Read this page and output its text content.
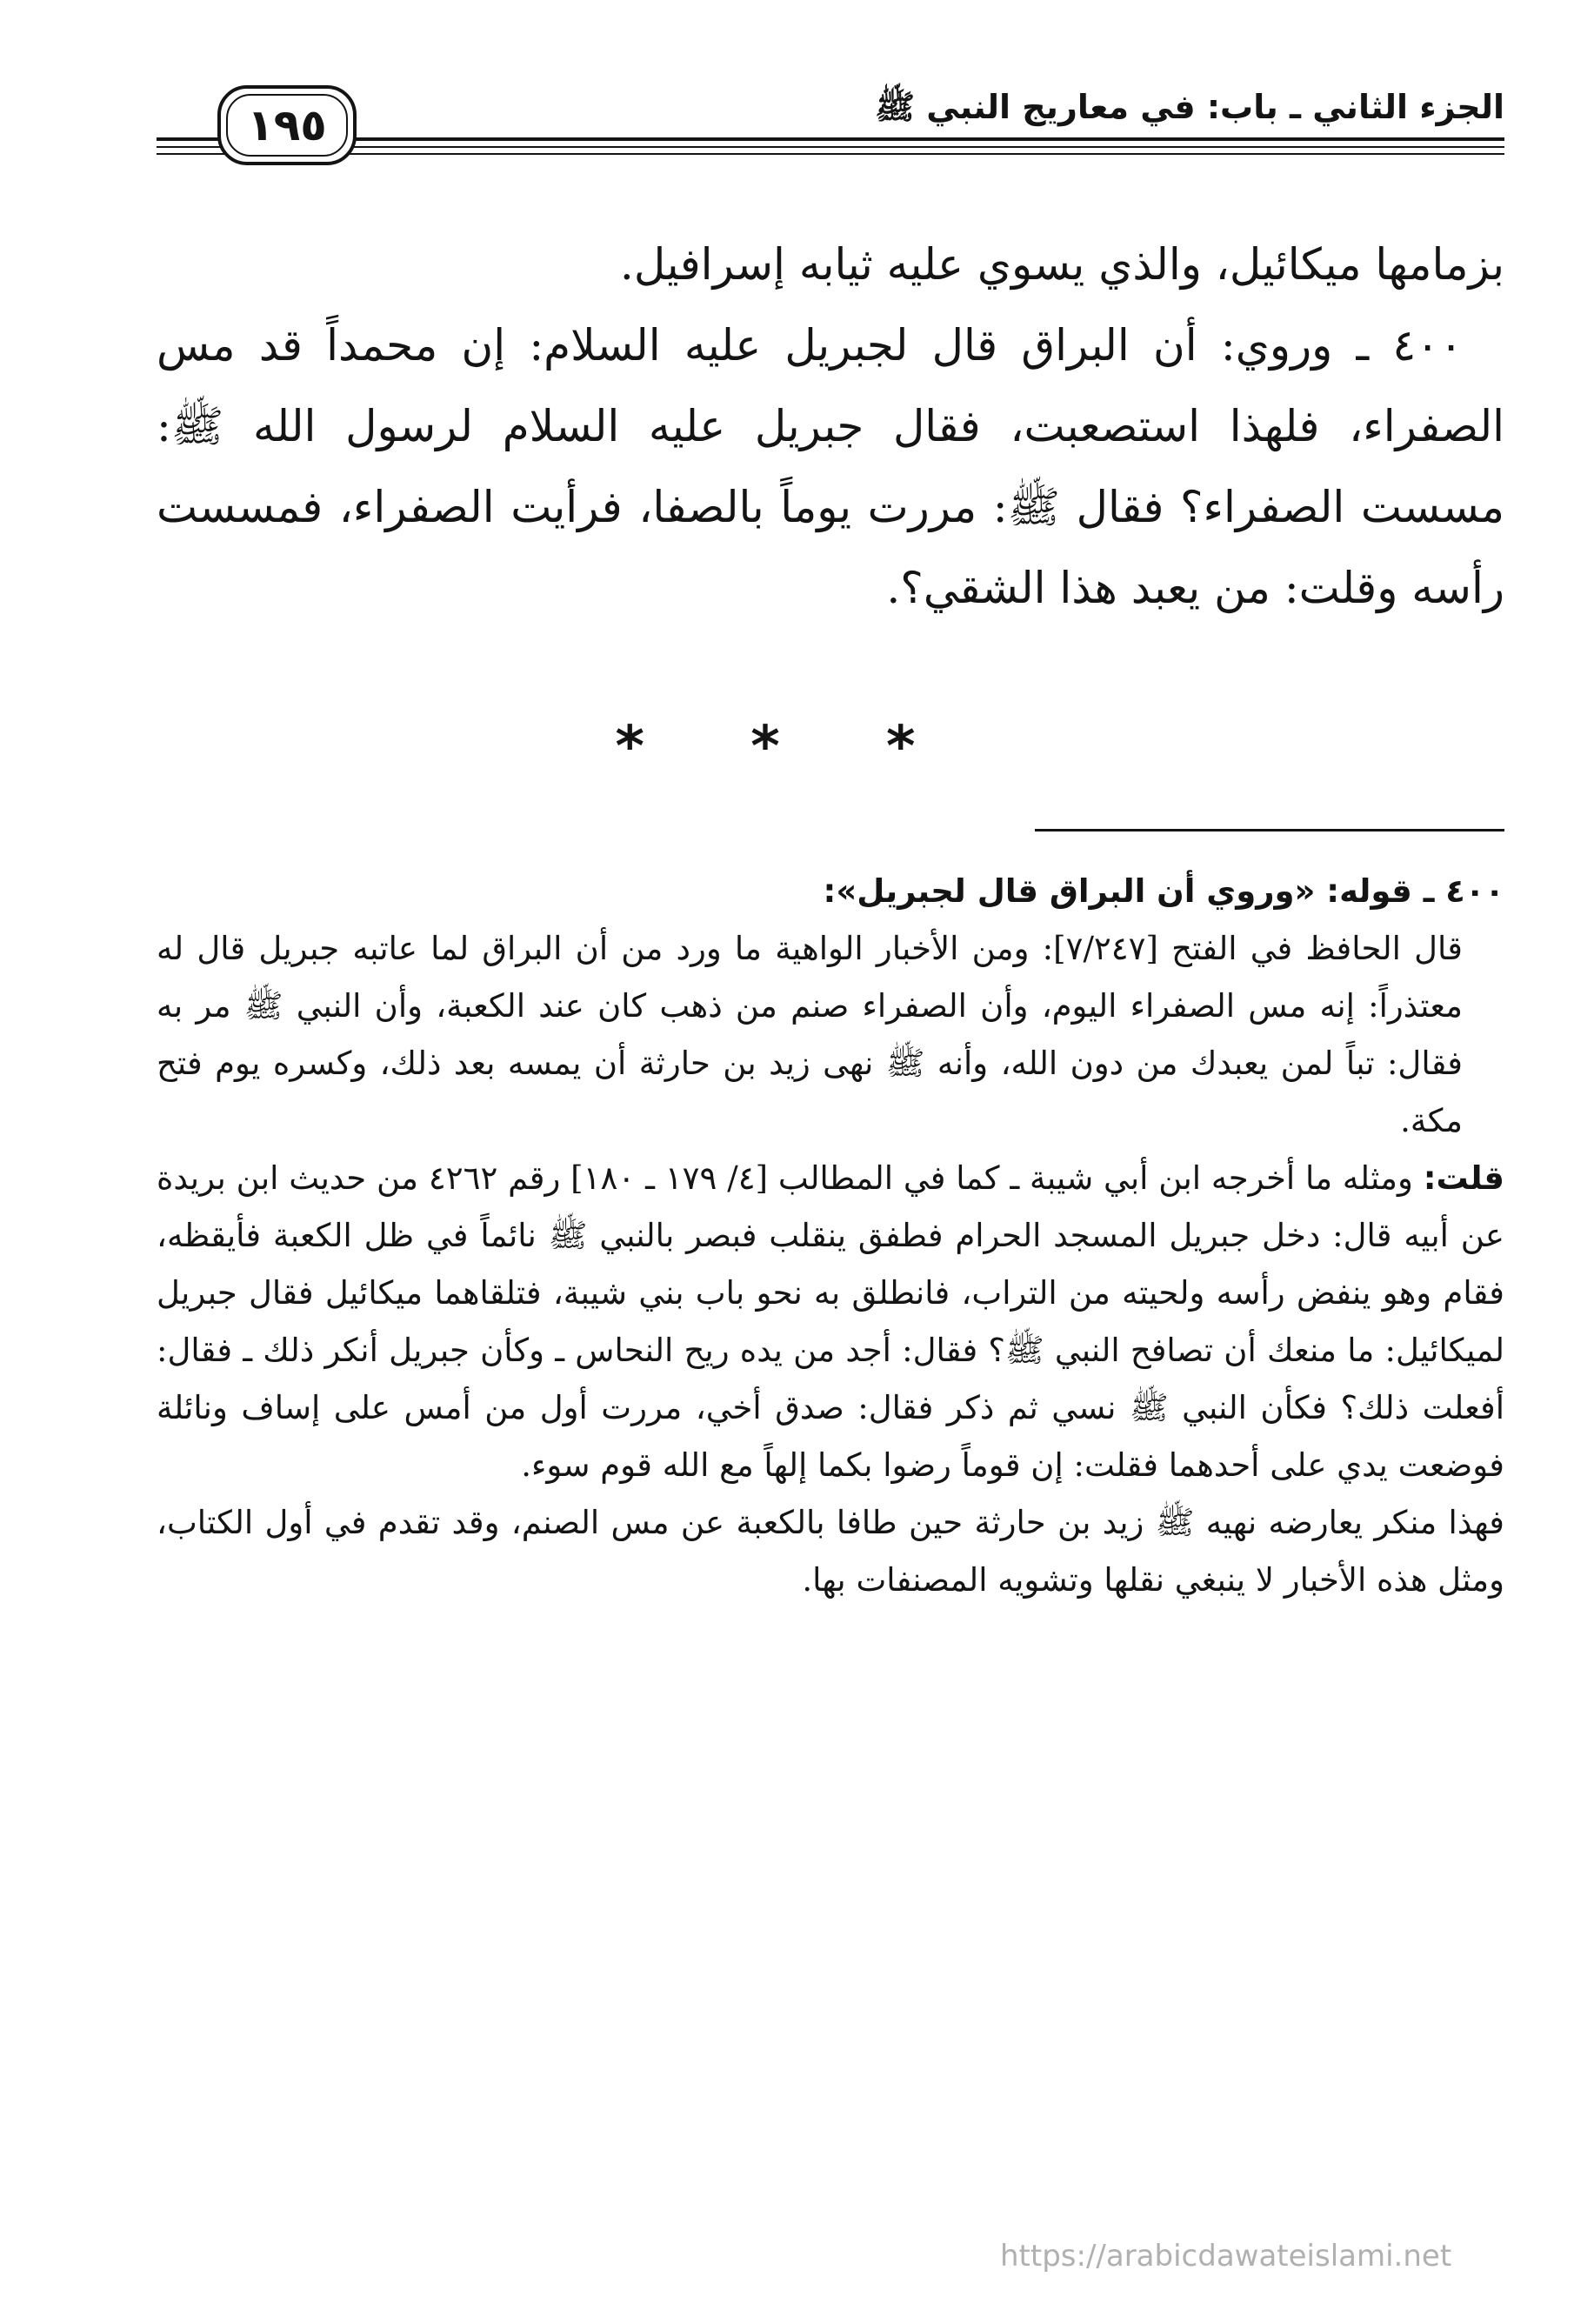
الجزء الثاني ـ باب: في معاريج النبي ﷺ
١٩٥

بزمامها ميكائيل، والذي يسوي عليه ثيابه إسرافيل.

٤٠٠ ـ وروي: أن البراق قال لجبريل عليه السلام: إن محمداً قد مس الصفراء، فلهذا استصعبت، فقال جبريل عليه السلام لرسول الله ﷺ: مسست الصفراء؟ فقال ﷺ: مررت يوماً بالصفا، فرأيت الصفراء، فمسست رأسه وقلت: من يعبد هذا الشقي؟.

* * *

٤٠٠ ـ قوله: «وروي أن البراق قال لجبريل»:

قال الحافظ في الفتح [٧/٢٤٧]: ومن الأخبار الواهية ما ورد من أن البراق لما عاتبه جبريل قال له معتذراً: إنه مس الصفراء اليوم، وأن الصفراء صنم من ذهب كان عند الكعبة، وأن النبي ﷺ مر به فقال: تباً لمن يعبدك من دون الله، وأنه ﷺ نهى زيد بن حارثة أن يمسه بعد ذلك، وكسره يوم فتح مكة.

قلت: ومثله ما أخرجه ابن أبي شيبة ـ كما في المطالب [٤/ ١٧٩ ـ ١٨٠] رقم ٤٢٦٢ من حديث ابن بريدة عن أبيه قال: دخل جبريل المسجد الحرام فطفق ينقلب فبصر بالنبي ﷺ نائماً في ظل الكعبة فأيقظه، فقام وهو ينفض رأسه ولحيته من التراب، فانطلق به نحو باب بني شيبة، فتلقاهما ميكائيل فقال جبريل لميكائيل: ما منعك أن تصافح النبي ﷺ؟ فقال: أجد من يده ريح النحاس ـ وكأن جبريل أنكر ذلك ـ فقال: أفعلت ذلك؟ فكأن النبي ﷺ نسي ثم ذكر فقال: صدق أخي، مررت أول من أمس على إساف ونائلة فوضعت يدي على أحدهما فقلت: إن قوماً رضوا بكما إلهاً مع الله قوم سوء.

فهذا منكر يعارضه نهيه ﷺ زيد بن حارثة حين طافا بالكعبة عن مس الصنم، وقد تقدم في أول الكتاب، ومثل هذه الأخبار لا ينبغي نقلها وتشويه المصنفات بها.

https://arabicdawateislami.net
